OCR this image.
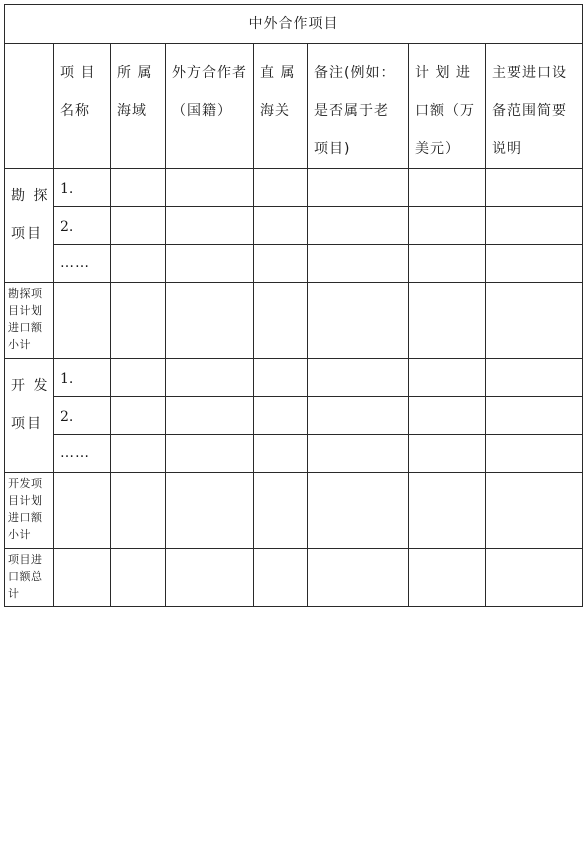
中外合作项目							

	项 目名称	所 属海域	外方合作者（国籍）	直 属海关	备注(例如：是否属于老项目)	计 划 进口额（万美元）	主要进口设备范围简要说明

勘 探项目	1.						

	2.						

	……						

勘探项目计划进口额小计							

开 发项目	1.						

	2.						

	……						

开发项目计划进口额小计							

项目进口额总计							
